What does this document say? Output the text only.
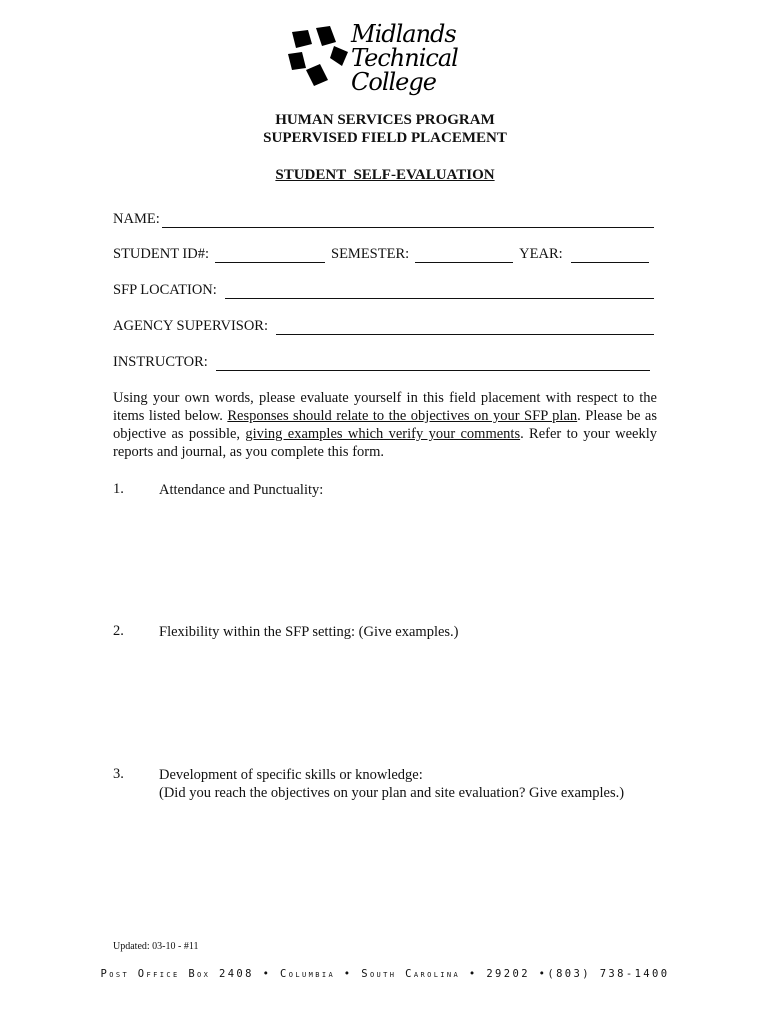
Midlands
Technical
College
HUMAN SERVICES PROGRAM
SUPERVISED FIELD PLACEMENT
STUDENT  SELF-EVALUATION
NAME:
STUDENT ID#:	SEMESTER:	YEAR:
SFP LOCATION:
AGENCY SUPERVISOR:
INSTRUCTOR:

Using your own words, please evaluate yourself in this field placement with respect to the items listed below. Responses should relate to the objectives on your SFP plan. Please be as objective as possible, giving examples which verify your comments. Refer to your weekly reports and journal, as you complete this form.

1. Attendance and Punctuality:
2. Flexibility within the SFP setting: (Give examples.)
3. Development of specific skills or knowledge:
(Did you reach the objectives on your plan and site evaluation? Give examples.)
Updated: 03-10 - #11
Post Office Box 2408 • Columbia • South Carolina • 29202 •(803) 738-1400
